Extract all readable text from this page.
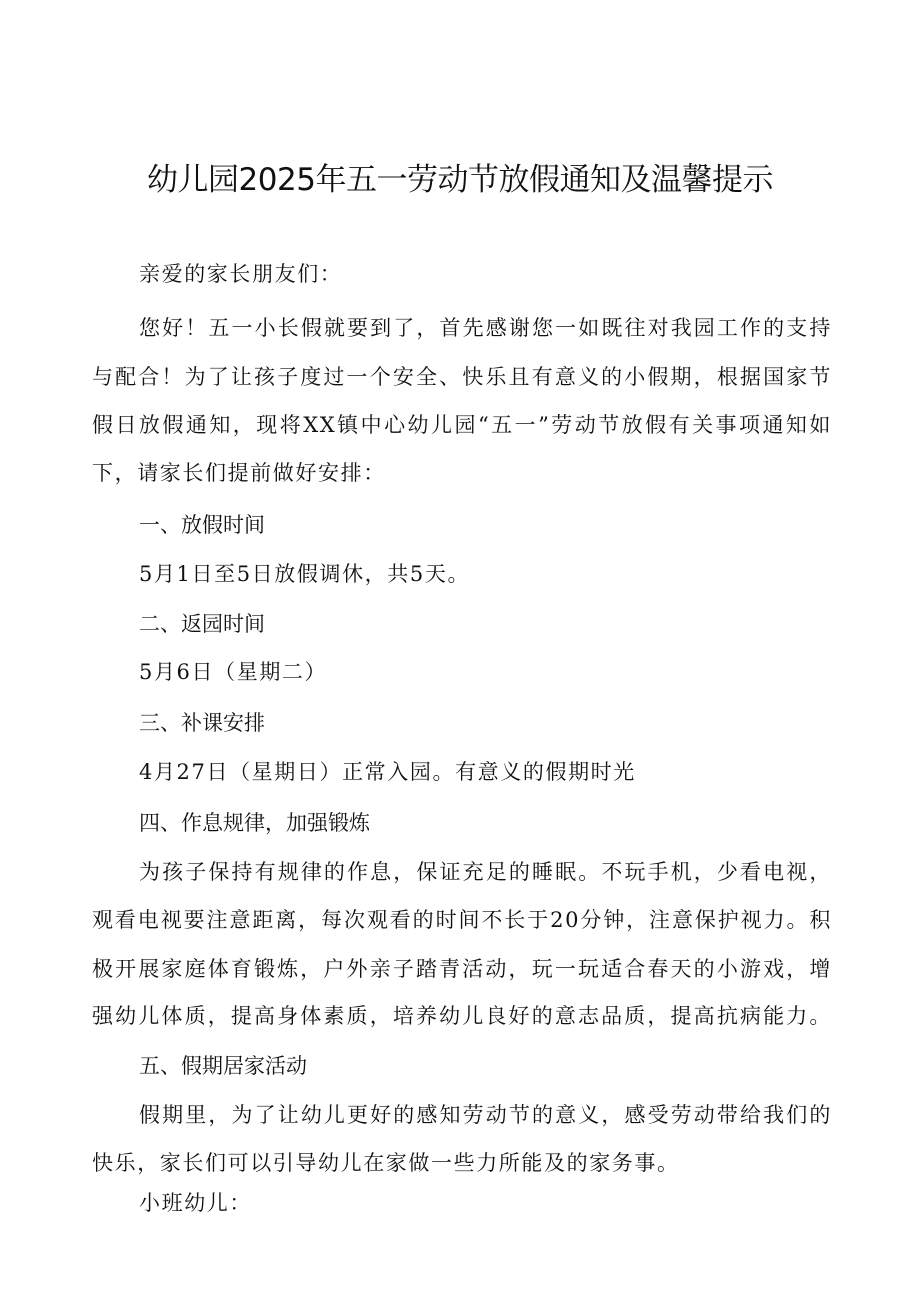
幼儿园2025年五一劳动节放假通知及温馨提示
亲爱的家长朋友们：
您好！五一小长假就要到了，首先感谢您一如既往对我园工作的支持
与配合！为了让孩子度过一个安全、快乐且有意义的小假期，根据国家节
假日放假通知，现将XX镇中心幼儿园“五一”劳动节放假有关事项通知如
下，请家长们提前做好安排：
一、放假时间
5月1日至5日放假调休，共5天。
二、返园时间
5月6日（星期二）
三、补课安排
4月27日（星期日）正常入园。有意义的假期时光
四、作息规律，加强锻炼
为孩子保持有规律的作息，保证充足的睡眠。不玩手机，少看电视，
观看电视要注意距离，每次观看的时间不长于20分钟，注意保护视力。积
极开展家庭体育锻炼，户外亲子踏青活动，玩一玩适合春天的小游戏，增
强幼儿体质，提高身体素质，培养幼儿良好的意志品质，提高抗病能力。
五、假期居家活动
假期里，为了让幼儿更好的感知劳动节的意义，感受劳动带给我们的
快乐，家长们可以引导幼儿在家做一些力所能及的家务事。
小班幼儿：
